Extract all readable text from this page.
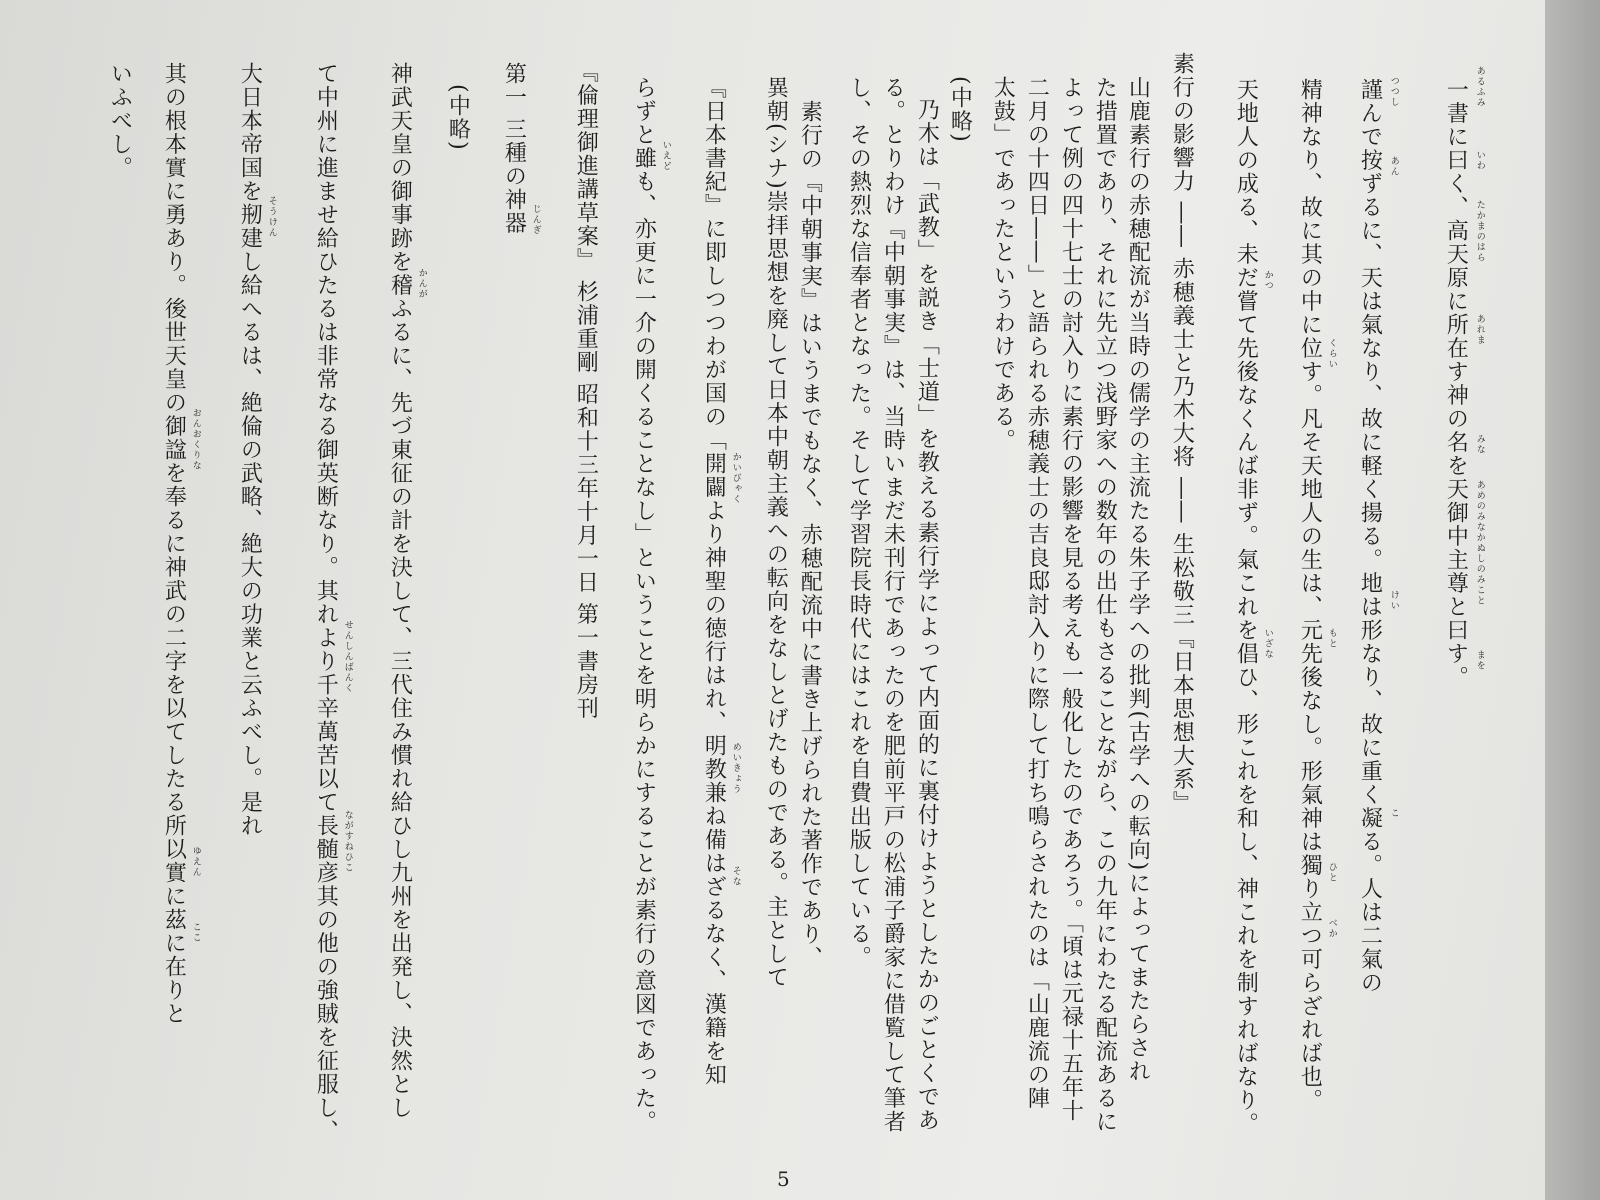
一書に曰く、高天原に所在す神の名を天御中主尊と曰す。
謹んで按ずるに、天は氣なり、故に軽く揚る。地は形なり、故に重く凝る。人は二氣の
精神なり、故に其の中に位す。凡そ天地人の生は、元先後なし。形氣神は獨り立つ可らざれば也。
天地人の成る、未だ嘗て先後なくんば非ず。氣これを倡ひ、形これを和し、神これを制すればなり。
素行の影響力 ―― 赤穂義士と乃木大将 ―― 生松敬三『日本思想大系』
山鹿素行の赤穂配流が当時の儒学の主流たる朱子学への批判(古学への転向)によってまたらされ
た措置であり、それに先立つ浅野家への数年の出仕もさることながら、この九年にわたる配流あるに
よって例の四十七士の討入りに素行の影響を見る考えも一般化したのであろう。「頃は元禄十五年十
二月の十四日――」と語られる赤穂義士の吉良邸討入りに際して打ち鳴らされたのは「山鹿流の陣
太鼓」であったというわけである。
(中略)
乃木は「武教」を説き「士道」を教える素行学によって内面的に裏付けようとしたかのごとくであ
る。とりわけ『中朝事実』は、当時いまだ未刊行であったのを肥前平戸の松浦子爵家に借覧して筆者
し、その熱烈な信奉者となった。そして学習院長時代にはこれを自費出版している。
素行の『中朝事実』はいうまでもなく、赤穂配流中に書き上げられた著作であり、
異朝(シナ)崇拝思想を廃して日本中朝主義への転向をなしとげたものである。主として
『日本書紀』に即しつつわが国の「開闢より神聖の徳行はれ、明教兼ね備はざるなく、漢籍を知
らずと雖も、亦更に一介の開くることなし」ということを明らかにすることが素行の意図であった。
『倫理御進講草案』 杉浦重剛 昭和十三年十月一日 第一書房刊
第一 三種の神器
(中略)
神武天皇の御事跡を稽ふるに、先づ東征の計を決して、三代住み慣れ給ひし九州を出発し、決然とし
て中州に進ませ給ひたるは非常なる御英断なり。其れより千辛萬苦以て長髄彦其の他の強賊を征服し、
大日本帝国を剏建し給へるは、絶倫の武略、絶大の功業と云ふべし。是れ
其の根本實に勇あり。後世天皇の御諡を奉るに神武の二字を以てしたる所以實に茲に在りと
いふべし。	あるふみ
いわ
たかまのはら
あれま
みな
あめのみなかぬしのみこと
まを
つつし
あん
こ
くらい
もと
けい
ひと
べか
かつ
いざな
かいびゃく
めいきょう
そな
いえど
じんぎ
かんが
せんしんばんく
ながすねひこ
そうけん
おんおくりな
ゆえん
ここ
5
